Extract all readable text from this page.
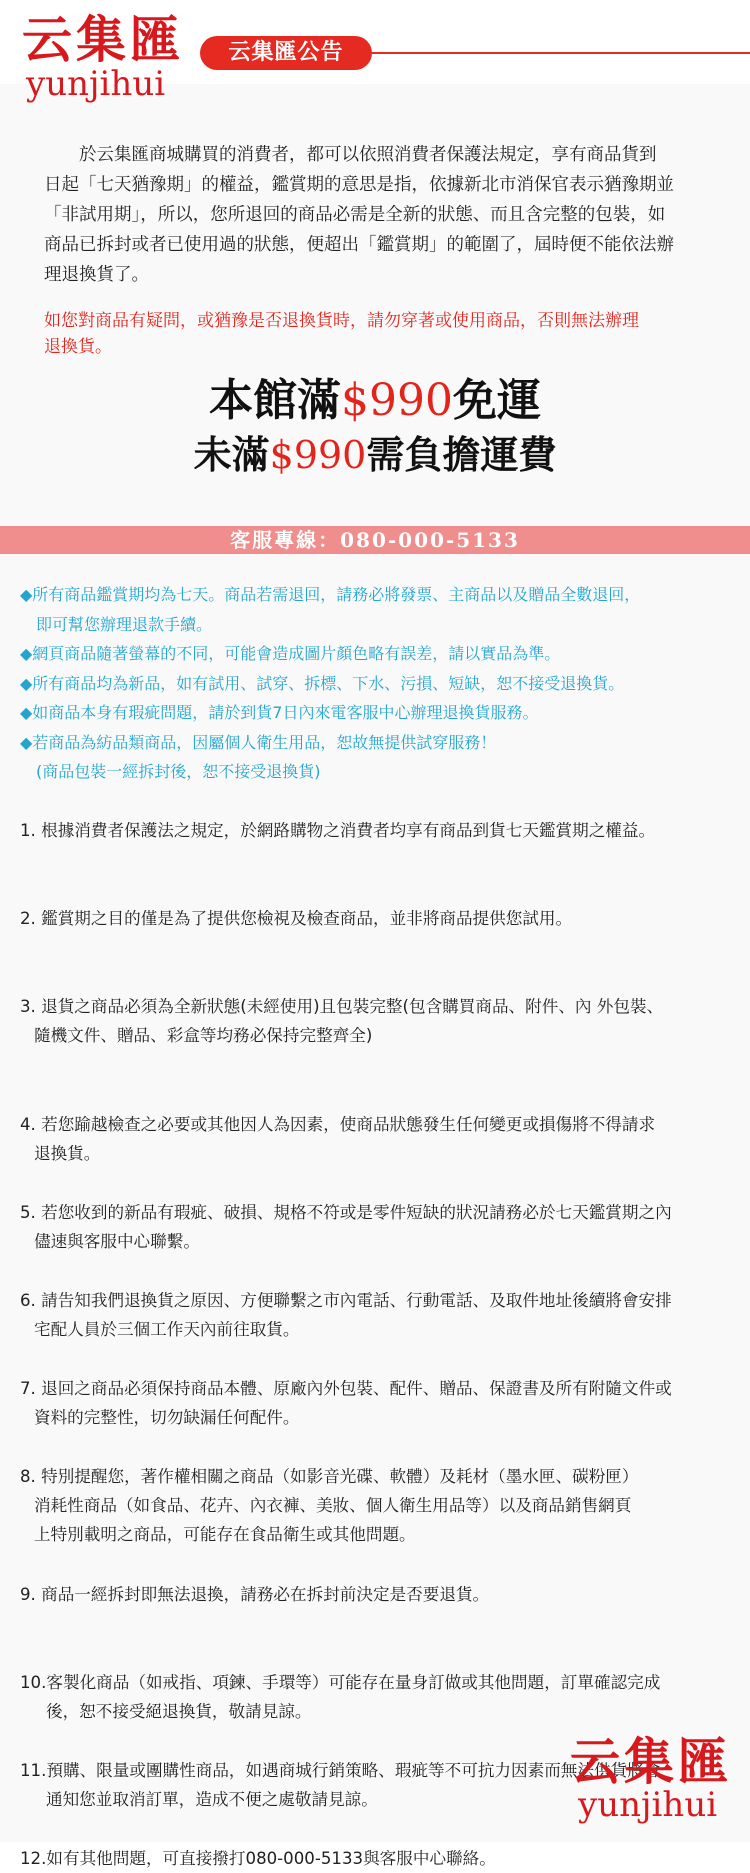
云集匯
yunjihui
云集匯公告
於云集匯商城購買的消費者，都可以依照消費者保護法規定，享有商品貨到
日起「七天猶豫期」的權益，鑑賞期的意思是指，依據新北市消保官表示猶豫期並
「非試用期」，所以，您所退回的商品必需是全新的狀態、而且含完整的包裝，如
商品已拆封或者已使用過的狀態，便超出「鑑賞期」的範圍了，屆時便不能依法辦
理退換貨了。
如您對商品有疑問，或猶豫是否退換貨時，請勿穿著或使用商品，否則無法辦理
退換貨。
本館滿$990免運
未滿$990需負擔運費
客服專線：080-000-5133
◆所有商品鑑賞期均為七天。商品若需退回，請務必將發票、主商品以及贈品全數退回，
　即可幫您辦理退款手續。
◆網頁商品隨著螢幕的不同，可能會造成圖片顏色略有誤差，請以實品為準。
◆所有商品均為新品，如有試用、試穿、拆標、下水、污損、短缺，恕不接受退換貨。
◆如商品本身有瑕疵問題，請於到貨7日內來電客服中心辦理退換貨服務。
◆若商品為紡品類商品，因屬個人衛生用品，恕故無提供試穿服務！
　(商品包裝一經拆封後，恕不接受退換貨)
1. 根據消費者保護法之規定，於網路購物之消費者均享有商品到貨七天鑑賞期之權益。
2. 鑑賞期之目的僅是為了提供您檢視及檢查商品，並非將商品提供您試用。
3. 退貨之商品必須為全新狀態(未經使用)且包裝完整(包含購買商品、附件、內 外包裝、
隨機文件、贈品、彩盒等均務必保持完整齊全)
4. 若您踰越檢查之必要或其他因人為因素，使商品狀態發生任何變更或損傷將不得請求
退換貨。
5. 若您收到的新品有瑕疵、破損、規格不符或是零件短缺的狀況請務必於七天鑑賞期之內
儘速與客服中心聯繫。
6. 請告知我們退換貨之原因、方便聯繫之市內電話、行動電話、及取件地址後續將會安排
宅配人員於三個工作天內前往取貨。
7. 退回之商品必須保持商品本體、原廠內外包裝、配件、贈品、保證書及所有附隨文件或
資料的完整性，切勿缺漏任何配件。
8. 特別提醒您，著作權相關之商品（如影音光碟、軟體）及耗材（墨水匣、碳粉匣）
消耗性商品（如食品、花卉、內衣褲、美妝、個人衛生用品等）以及商品銷售網頁
上特別載明之商品，可能存在食品衛生或其他問題。
9. 商品一經拆封即無法退換，請務必在拆封前決定是否要退貨。
10.客製化商品（如戒指、項鍊、手環等）可能存在量身訂做或其他問題，訂單確認完成
後，恕不接受絕退換貨，敬請見諒。
11.預購、限量或團購性商品，如遇商城行銷策略、瑕疵等不可抗力因素而無法供貨將會
通知您並取消訂單，造成不便之處敬請見諒。
12.如有其他問題，可直接撥打080-000-5133與客服中心聯絡。
云集匯
yunjihui
